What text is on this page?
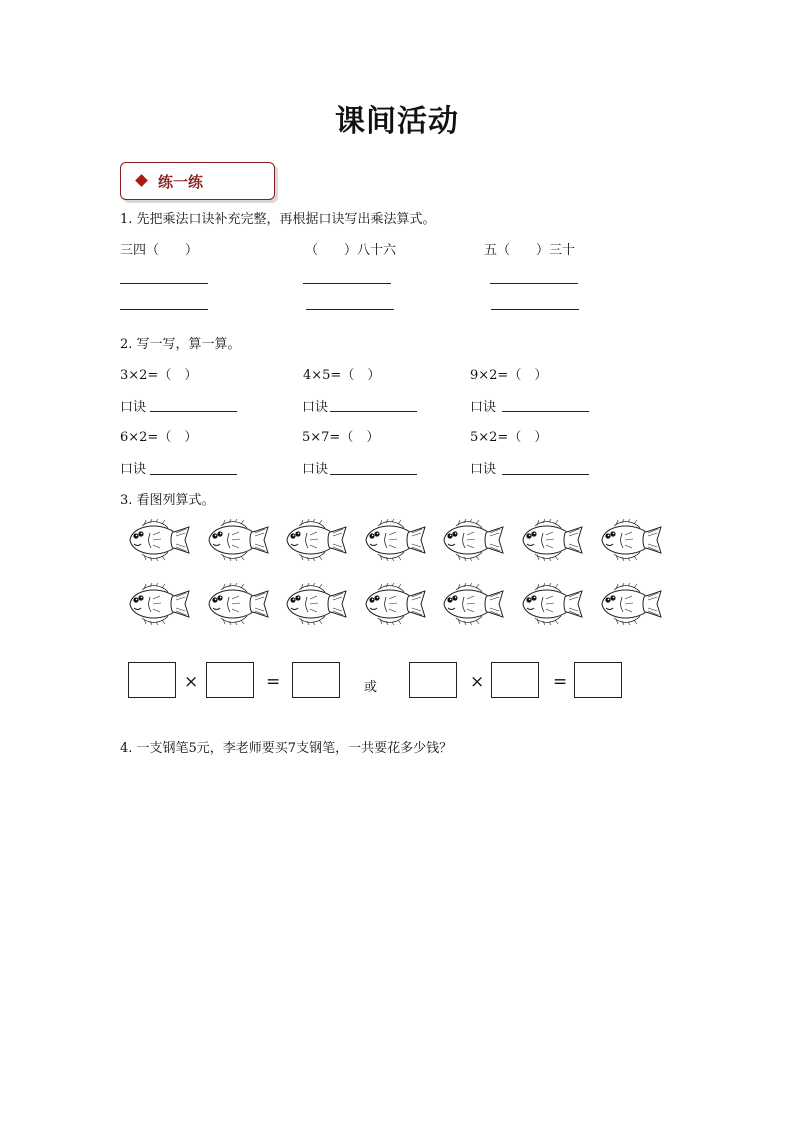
课间活动
练一练
1. 先把乘法口诀补充完整，再根据口诀写出乘法算式。
三四（　　）	（　　）八十六	五（　　）三十
2. 写一写，算一算。
3×2=（　）	4×5=（　）	9×2=（　）
口诀	口诀	口诀
6×2=（　）	5×7=（　）	5×2=（　）
口诀	口诀	口诀
3. 看图列算式。
×	=	或	×	=
4. 一支钢笔5元，李老师要买7支钢笔，一共要花多少钱？
